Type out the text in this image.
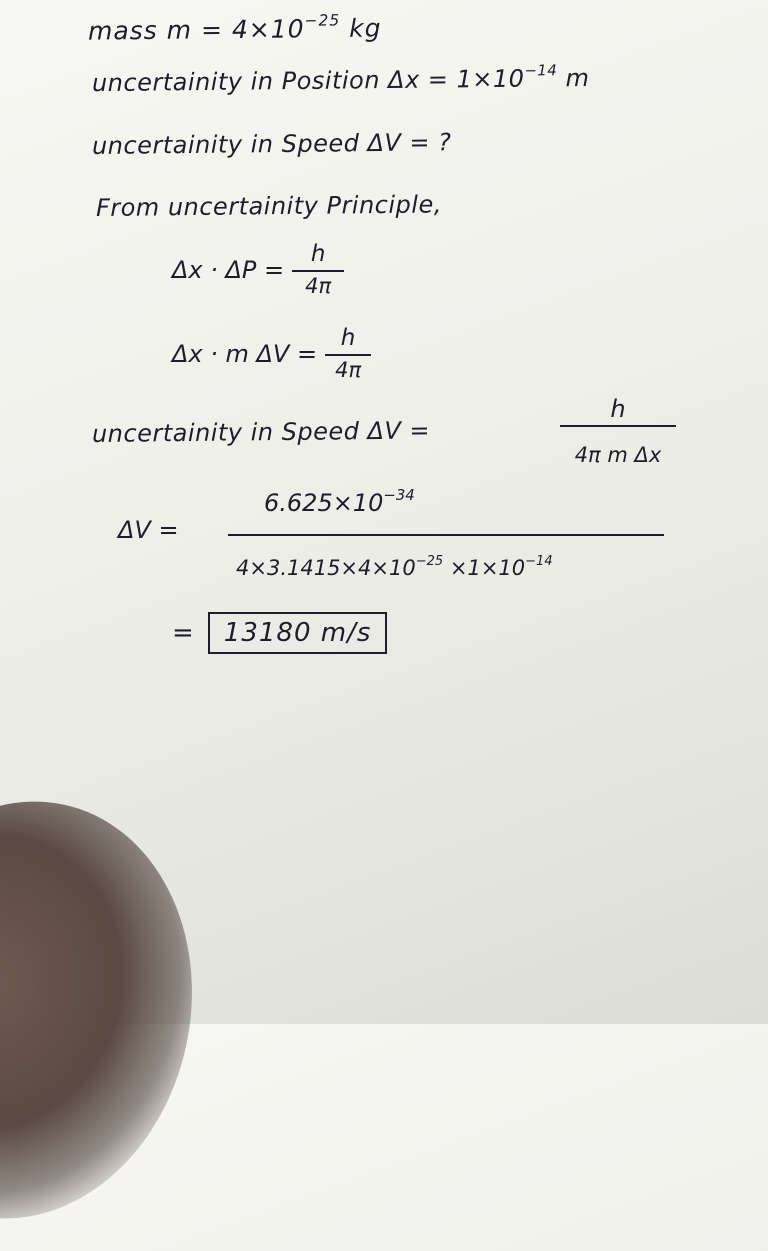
mass $m = 4\times 10^{-25}$ kg
uncertainity in Position $\Delta x = 1\times 10^{-14}$ m
uncertainity in Speed ΔV = ?
From uncertainity Principle,
$\Delta x \cdot \Delta P = \frac{h}{4\pi}$
Δx · m $\Delta V = \frac{h}{4\pi}$
uncertainity in Speed ΔV =	$\frac{h}{\text{4π m Δx}}$
ΔV =
$6.625\times 10^{-34}$
$4\times 3.1415\times 4\times 10^{-25} \times 1\times 10^{-14}$
=	13180 m/s
